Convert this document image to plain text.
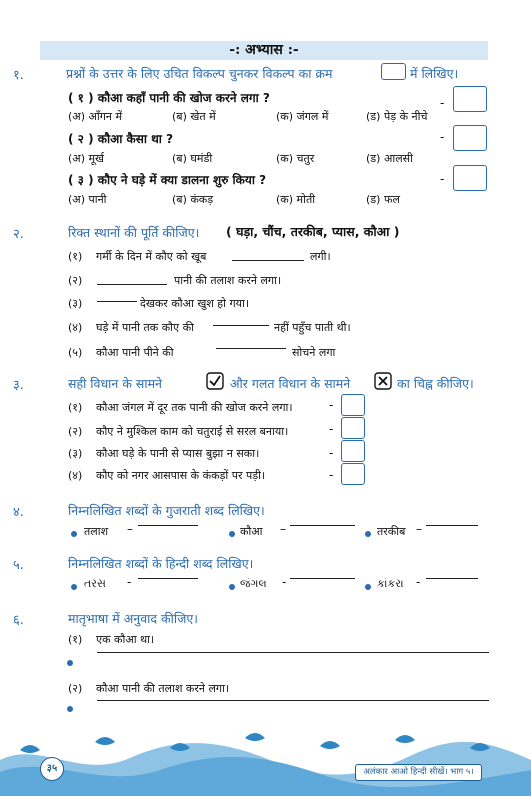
-: अभ्यास :-
१.	प्रश्नों के उत्तर के लिए उचित विकल्प चुनकर विकल्प का क्रम	में लिखिए।
( १ ) कौआ कहाँ पानी की खोज करने लगा ?	-
(अ) आँगन में	(ब) खेत में	(क) जंगल में	(ड) पेड़ के नीचे
( २ ) कौआ कैसा था ?	-
(अ) मूर्ख	(ब) घमंडी	(क) चतुर	(ड) आलसी
( ३ ) कौए ने घड़े में क्या डालना शुरु किया ?	-
(अ) पानी	(ब) कंकड़	(क) मोती	(ड) फल
२.	रिक्त स्थानों की पूर्ति कीजिए। ( घड़ा, चौंच, तरकीब, प्यास, कौआ )
(१) गर्मी के दिन में कौए को खूब	लगी।
(२)	पानी की तलाश करने लगा।
(३)	देखकर कौआ खुश हो गया।
(४) घड़े में पानी तक कौए की	नहीं पहुँच पाती थी।
(५) कौआ पानी पीने की	सोचने लगा
३.	सही विधान के सामने	और गलत विधान के सामने	का चिह्न कीजिए।
(१) कौआ जंगल में दूर तक पानी की खोज करने लगा।	-
(२) कौए ने मुश्किल काम को चतुराई से सरल बनाया।	-
(३) कौआ घड़े के पानी से प्यास बुझा न सका।	-
(४) कौए को नगर आसपास के कंकड़ों पर पड़ी।	-
४.	निम्नलिखित शब्दों के गुजराती शब्द लिखिए।
तलाश –	कौआ –	तरकीब –
५.	निम्नलिखित शब्दों के हिन्दी शब्द लिखिए।
તરસ -	જંગલ -	કાંકરા -
६.	मातृभाषा में अनुवाद कीजिए।
(१) एक कौआ था।
(२) कौआ पानी की तलाश करने लगा।
३५	अलंकार आओ हिन्दी सीखें। भाग ५।
